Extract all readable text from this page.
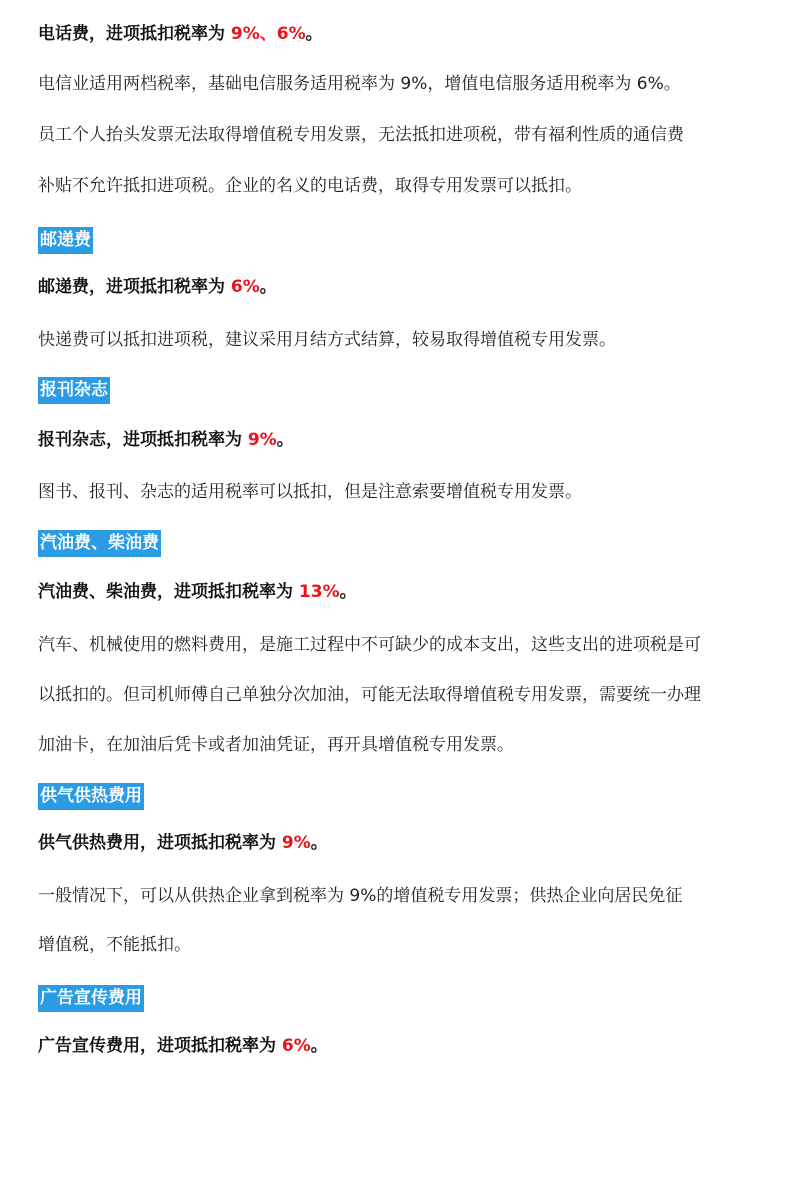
电话费，进项抵扣税率为 9%、6%。
电信业适用两档税率，基础电信服务适用税率为 9%，增值电信服务适用税率为 6%。
员工个人抬头发票无法取得增值税专用发票，无法抵扣进项税，带有福利性质的通信费
补贴不允许抵扣进项税。企业的名义的电话费，取得专用发票可以抵扣。
邮递费
邮递费，进项抵扣税率为 6%。
快递费可以抵扣进项税，建议采用月结方式结算，较易取得增值税专用发票。
报刊杂志
报刊杂志，进项抵扣税率为 9%。
图书、报刊、杂志的适用税率可以抵扣，但是注意索要增值税专用发票。
汽油费、柴油费
汽油费、柴油费，进项抵扣税率为 13%。
汽车、机械使用的燃料费用，是施工过程中不可缺少的成本支出，这些支出的进项税是可
以抵扣的。但司机师傅自己单独分次加油，可能无法取得增值税专用发票，需要统一办理
加油卡，在加油后凭卡或者加油凭证，再开具增值税专用发票。
供气供热费用
供气供热费用，进项抵扣税率为 9%。
一般情况下，可以从供热企业拿到税率为 9%的增值税专用发票；供热企业向居民免征
增值税，不能抵扣。
广告宣传费用
广告宣传费用，进项抵扣税率为 6%。
